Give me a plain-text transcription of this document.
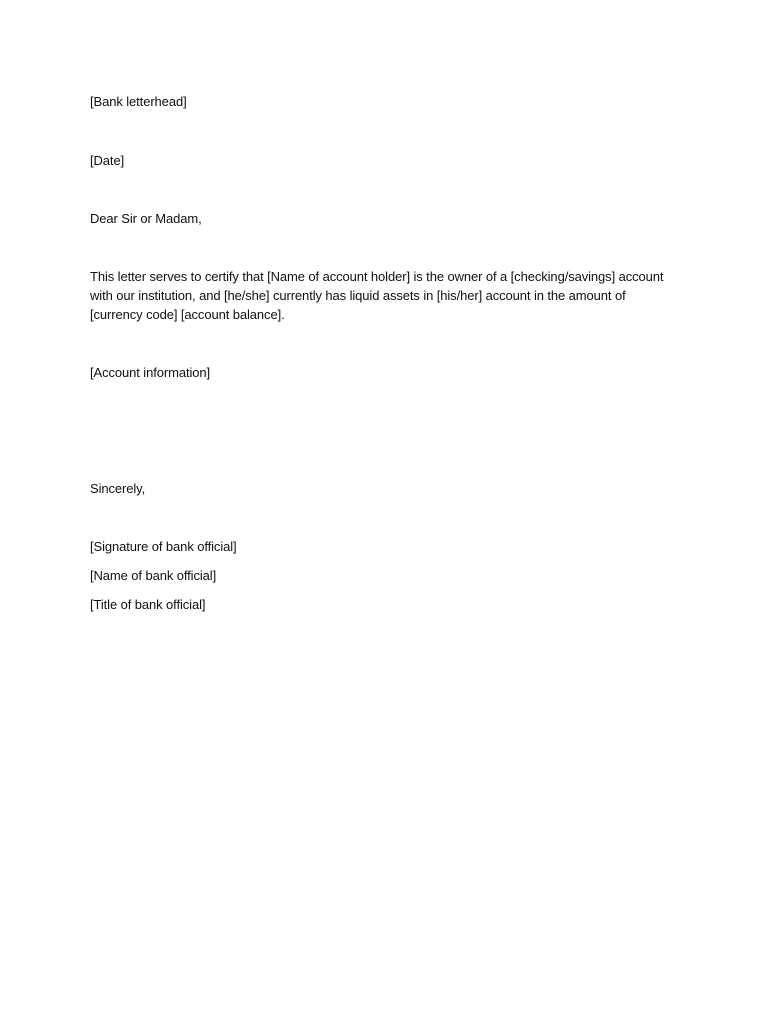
[Bank letterhead]
[Date]
Dear Sir or Madam,
This letter serves to certify that [Name of account holder] is the owner of a [checking/savings] account
with our institution, and [he/she] currently has liquid assets in [his/her] account in the amount of
[currency code] [account balance].
[Account information]
Sincerely,
[Signature of bank official]
[Name of bank official]
[Title of bank official]
